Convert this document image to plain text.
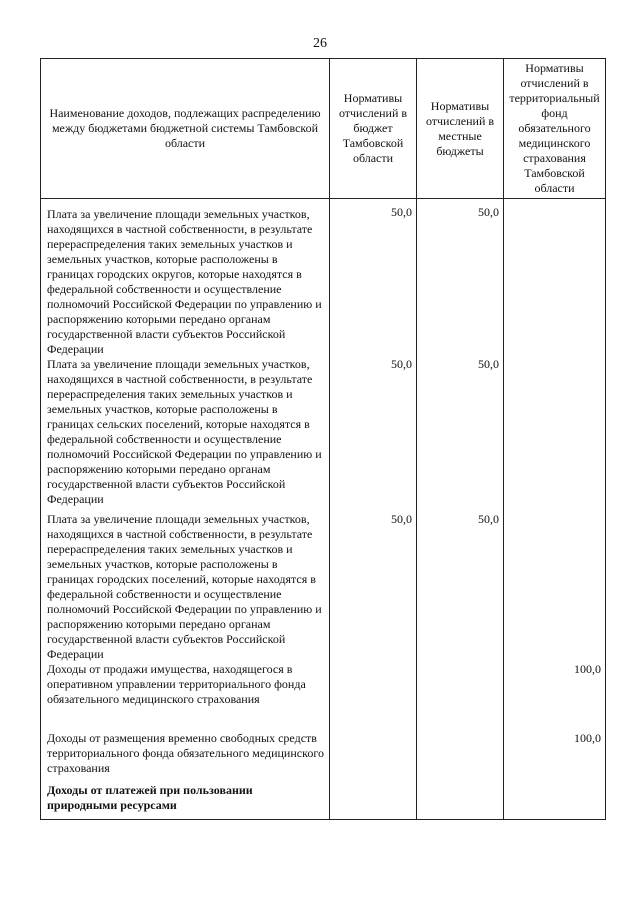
26
Наименование доходов, подлежащих распределению между бюджетами бюджетной системы Тамбовской области	Нормативы отчислений в бюджет Тамбовской области	Нормативы отчислений в местные бюджеты	Нормативы отчислений в территориальный фонд обязательного медицинского страхования Тамбовской области
Плата за увеличение площади земельных участков, находящихся в частной собственности, в результате перераспределения таких земельных участков и земельных участков, которые расположены в границах городских округов, которые находятся в федеральной собственности и осуществление полномочий Российской Федерации по управлению и распоряжению которыми передано органам государственной власти субъектов Российской Федерации	50,0	50,0	
Плата за увеличение площади земельных участков, находящихся в частной собственности, в результате перераспределения таких земельных участков и земельных участков, которые расположены в границах сельских поселений, которые находятся в федеральной собственности и осуществление полномочий Российской Федерации по управлению и распоряжению которыми передано органам государственной власти субъектов Российской Федерации	50,0	50,0	
Плата за увеличение площади земельных участков, находящихся в частной собственности, в результате перераспределения таких земельных участков и земельных участков, которые расположены в границах городских поселений, которые находятся в федеральной собственности и осуществление полномочий Российской Федерации по управлению и распоряжению которыми передано органам государственной власти субъектов Российской Федерации	50,0	50,0	
Доходы от продажи имущества, находящегося в оперативном управлении территориального фонда обязательного медицинского страхования			100,0
Доходы от размещения временно свободных средств территориального фонда обязательного медицинского страхования			100,0
Доходы от платежей при пользовании природными ресурсами			
